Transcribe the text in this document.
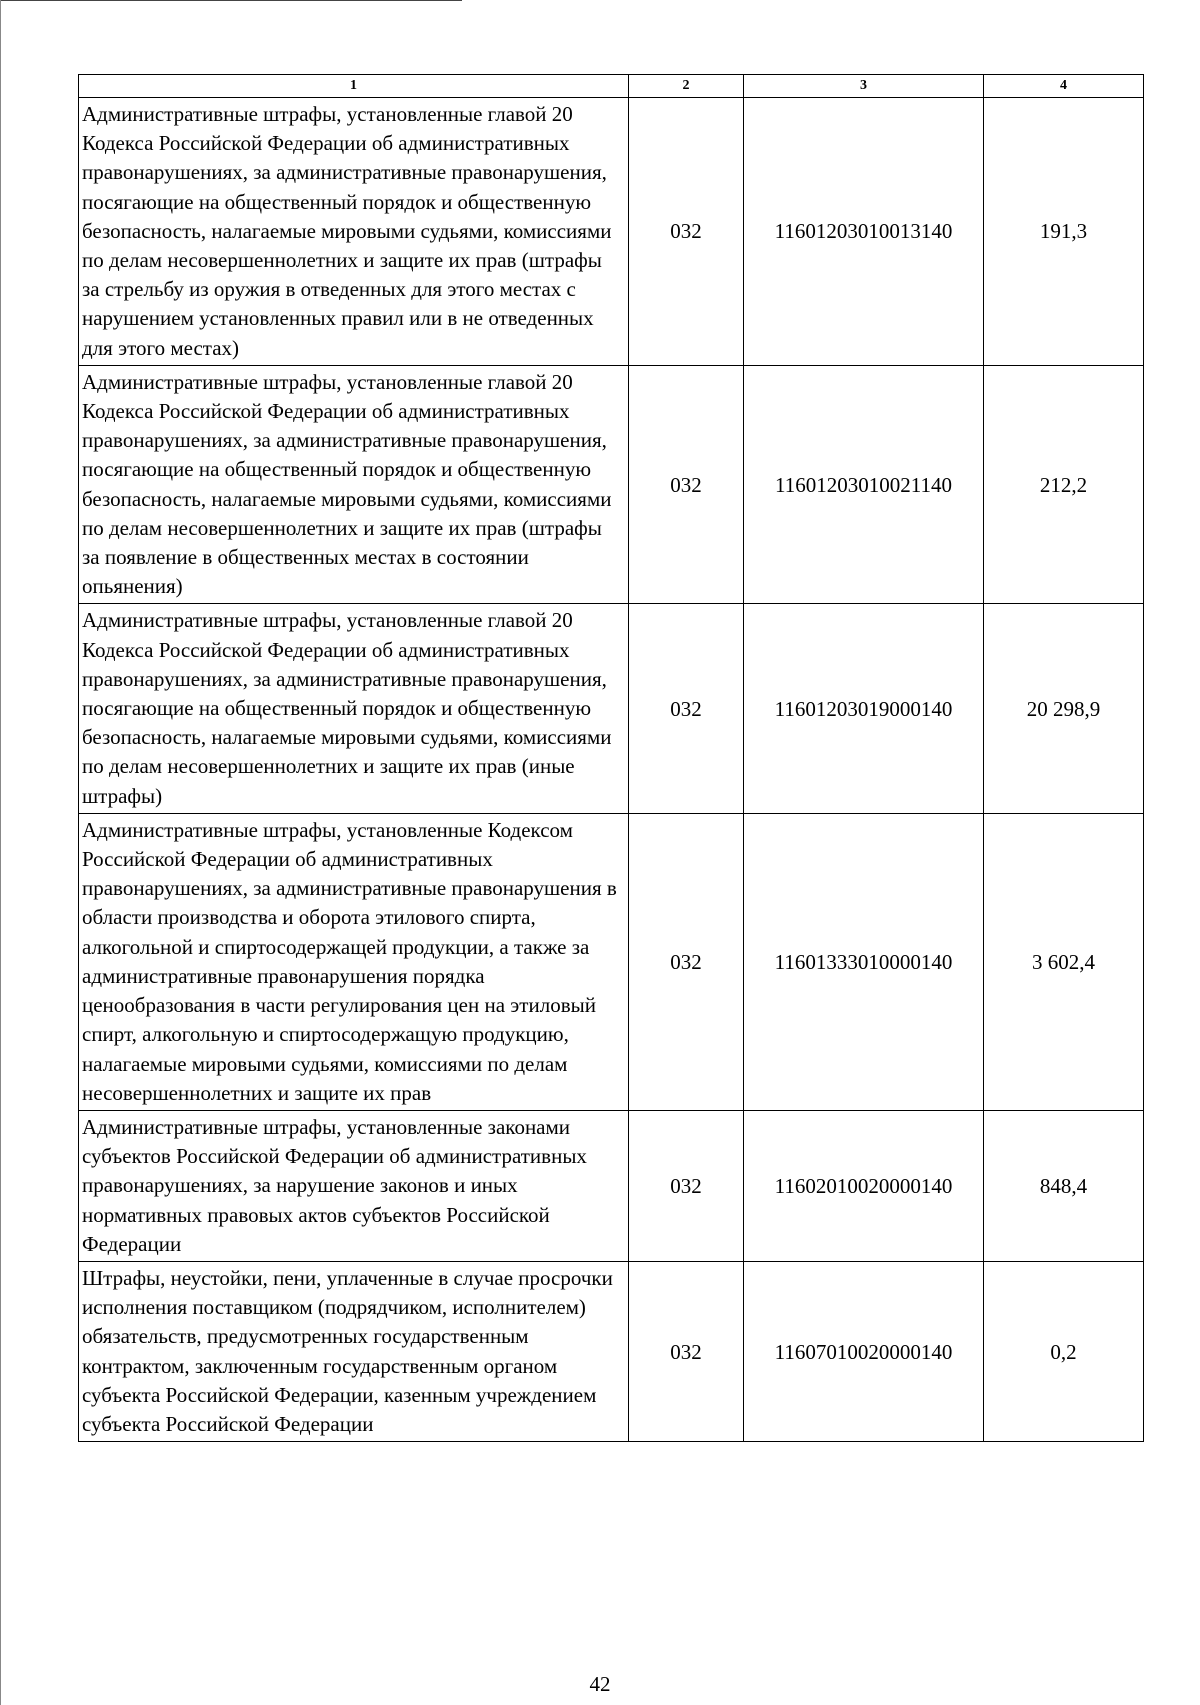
1	2	3	4
Административные штрафы, установленные главой 20 Кодекса Российской Федерации об административных правонарушениях, за административные правонарушения, посягающие на общественный порядок и общественную безопасность, налагаемые мировыми судьями, комиссиями по делам несовершеннолетних и защите их прав (штрафы за стрельбу из оружия в отведенных для этого местах с нарушением установленных правил или в не отведенных для этого местах)	032	11601203010013140	191,3
Административные штрафы, установленные главой 20 Кодекса Российской Федерации об административных правонарушениях, за административные правонарушения, посягающие на общественный порядок и общественную безопасность, налагаемые мировыми судьями, комиссиями по делам несовершеннолетних и защите их прав (штрафы за появление в общественных местах в состоянии опьянения)	032	11601203010021140	212,2
Административные штрафы, установленные главой 20 Кодекса Российской Федерации об административных правонарушениях, за административные правонарушения, посягающие на общественный порядок и общественную безопасность, налагаемые мировыми судьями, комиссиями по делам несовершеннолетних и защите их прав (иные штрафы)	032	11601203019000140	20 298,9
Административные штрафы, установленные Кодексом Российской Федерации об административных правонарушениях, за административные правонарушения в области производства и оборота этилового спирта, алкогольной и спиртосодержащей продукции, а также за административные правонарушения порядка ценообразования в части регулирования цен на этиловый спирт, алкогольную и спиртосодержащую продукцию, налагаемые мировыми судьями, комиссиями по делам несовершеннолетних и защите их прав	032	11601333010000140	3 602,4
Административные штрафы, установленные законами субъектов Российской Федерации об административных правонарушениях, за нарушение законов и иных нормативных правовых актов субъектов Российской Федерации	032	11602010020000140	848,4
Штрафы, неустойки, пени, уплаченные в случае просрочки исполнения поставщиком (подрядчиком, исполнителем) обязательств, предусмотренных государственным контрактом, заключенным государственным органом субъекта Российской Федерации, казенным учреждением субъекта Российской Федерации	032	11607010020000140	0,2
42
